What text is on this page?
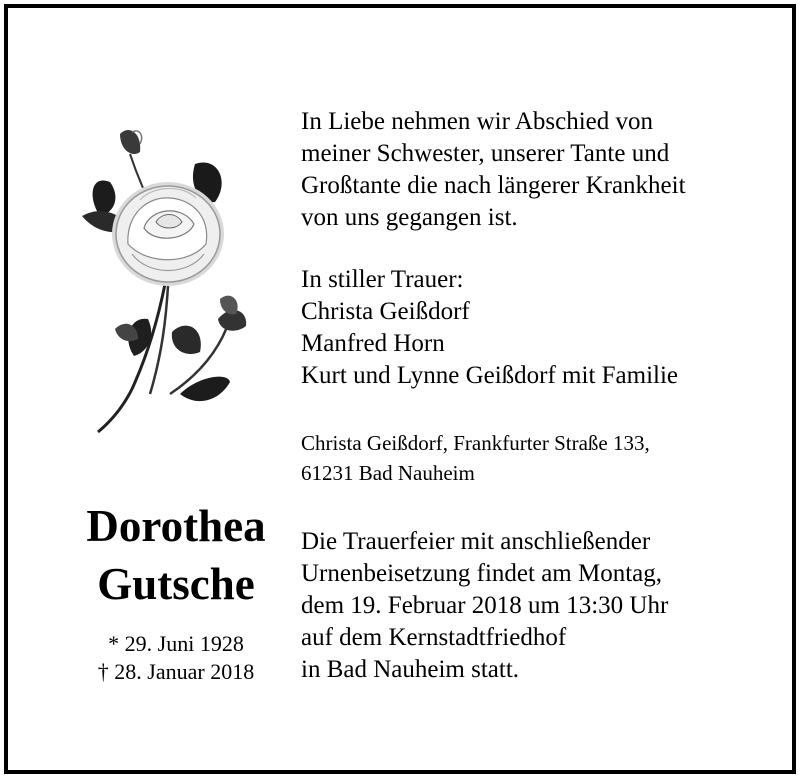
Dorothea
Gutsche
* 29. Juni 1928
† 28. Januar 2018
In Liebe nehmen wir Abschied von
meiner Schwester, unserer Tante und
Großtante die nach längerer Krankheit
von uns gegangen ist.
In stiller Trauer:
Christa Geißdorf
Manfred Horn
Kurt und Lynne Geißdorf mit Familie
Christa Geißdorf, Frankfurter Straße 133,
61231 Bad Nauheim
Die Trauerfeier mit anschließender
Urnenbeisetzung findet am Montag,
dem 19. Februar 2018 um 13:30 Uhr
auf dem Kernstadtfriedhof
in Bad Nauheim statt.
